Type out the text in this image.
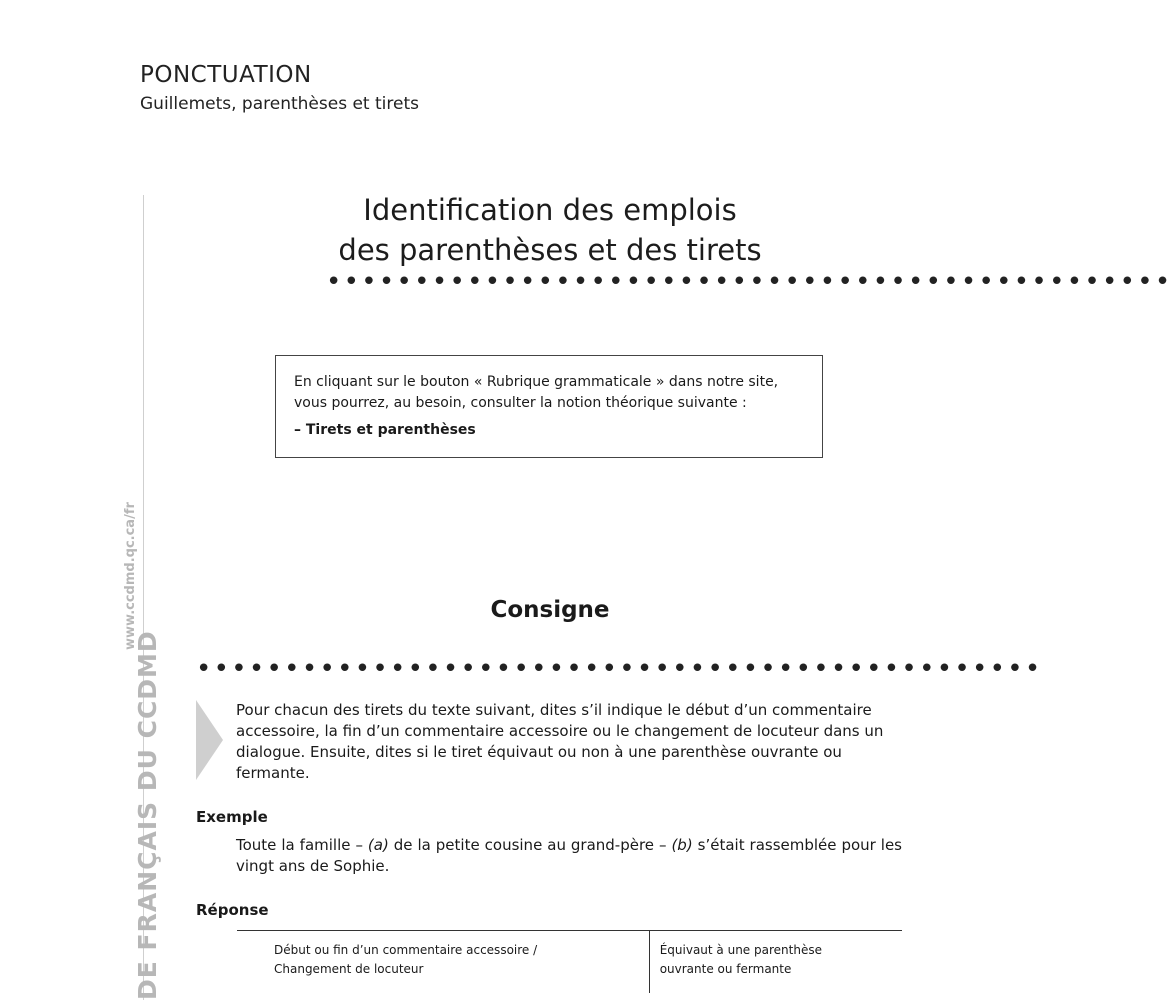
PONCTUATION
Guillemets, parenthèses et tirets
www.ccdmd.qc.ca/fr
DE FRANÇAIS DU CCDMD
Identification des emplois
des parenthèses et des tirets
••••••••••••••••••••••••••••••••••••••••••••••••
En cliquant sur le bouton « Rubrique grammaticale » dans notre site,
vous pourrez, au besoin, consulter la notion théorique suivante :
– Tirets et parenthèses
Consigne
••••••••••••••••••••••••••••••••••••••••••••••••
Pour chacun des tirets du texte suivant, dites s’il indique le début d’un commentaire accessoire, la fin d’un commentaire accessoire ou le changement de locuteur dans un dialogue. Ensuite, dites si le tiret équivaut ou non à une parenthèse ouvrante ou fermante.
Exemple
Toute la famille – (a) de la petite cousine au grand-père – (b) s’était rassemblée pour les vingt ans de Sophie.
Réponse
Début ou fin d’un commentaire accessoire /
Changement de locuteur

Équivaut à une parenthèse
ouvrante ou fermante
